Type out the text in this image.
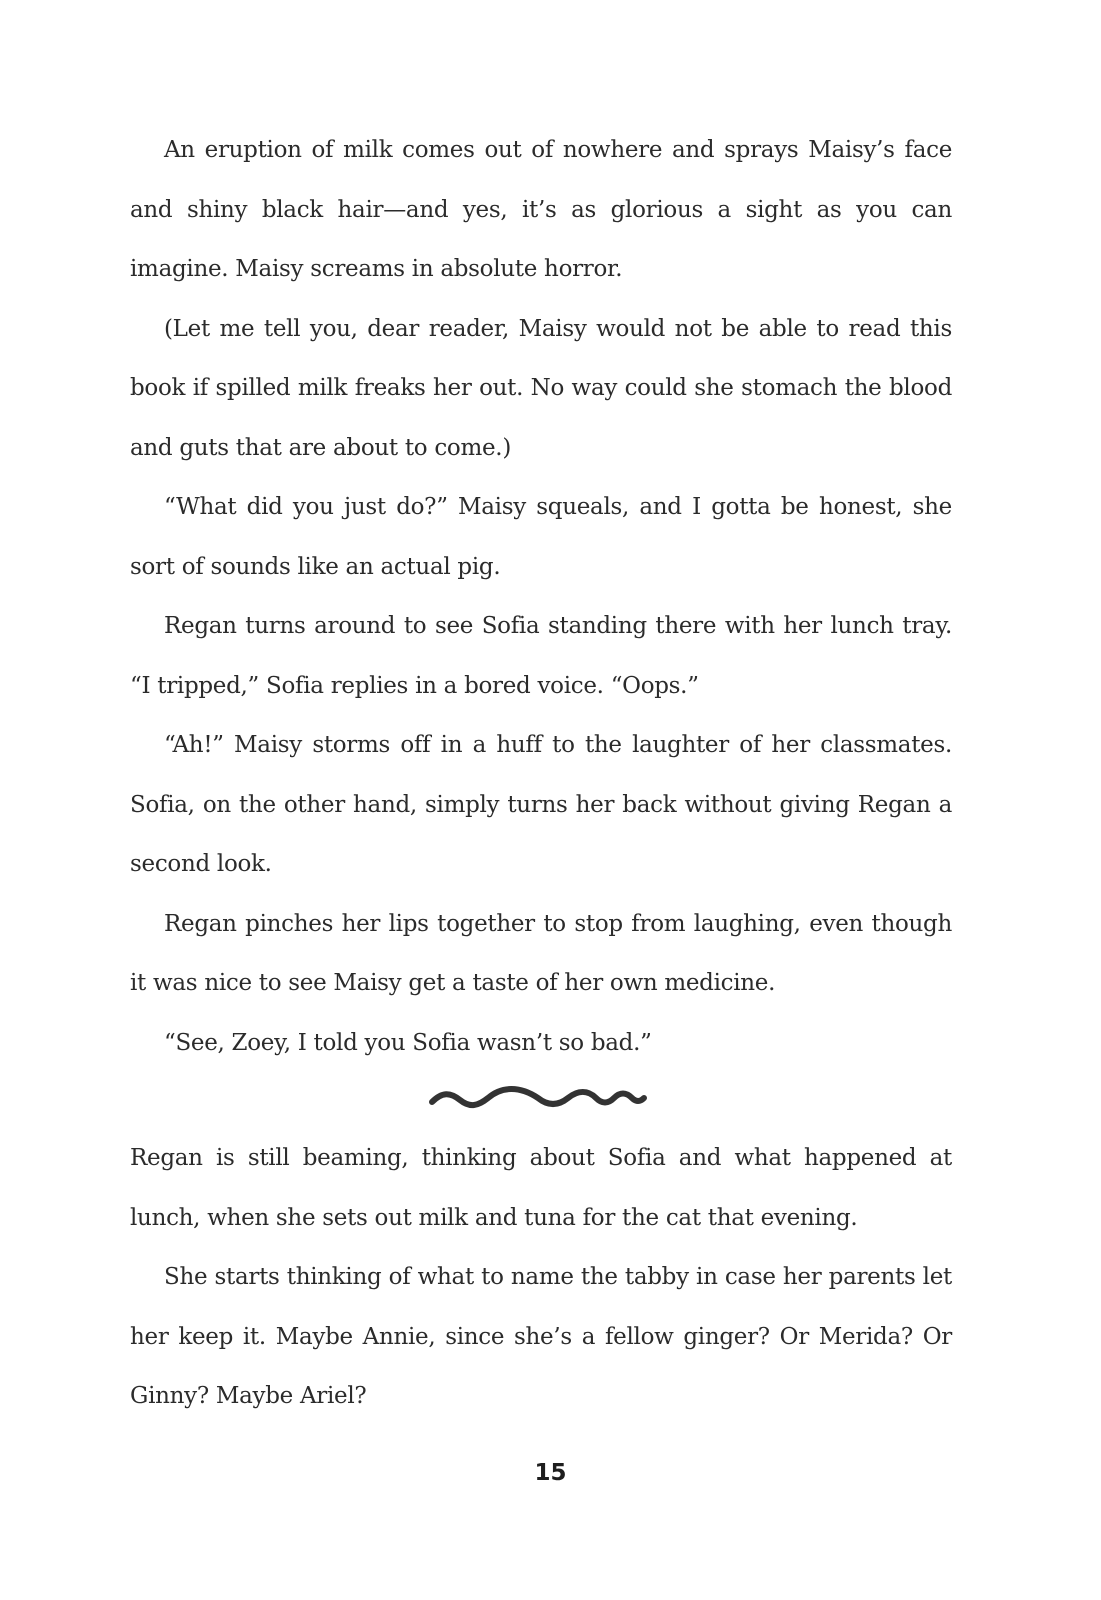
An eruption of milk comes out of nowhere and sprays Maisy’s face and shiny black hair—and yes, it’s as glorious a sight as you can imagine. Maisy screams in absolute horror.

(Let me tell you, dear reader, Maisy would not be able to read this book if spilled milk freaks her out. No way could she stomach the blood and guts that are about to come.)

“What did you just do?” Maisy squeals, and I gotta be honest, she sort of sounds like an actual pig.

Regan turns around to see Sofia standing there with her lunch tray. “I tripped,” Sofia replies in a bored voice. “Oops.”

“Ah!” Maisy storms off in a huff to the laughter of her classmates. Sofia, on the other hand, simply turns her back without giving Regan a second look.

Regan pinches her lips together to stop from laughing, even though it was nice to see Maisy get a taste of her own medicine.

“See, Zoey, I told you Sofia wasn’t so bad.”

Regan is still beaming, thinking about Sofia and what happened at lunch, when she sets out milk and tuna for the cat that evening.

She starts thinking of what to name the tabby in case her parents let her keep it. Maybe Annie, since she’s a fellow ginger? Or Merida? Or Ginny? Maybe Ariel?

15
